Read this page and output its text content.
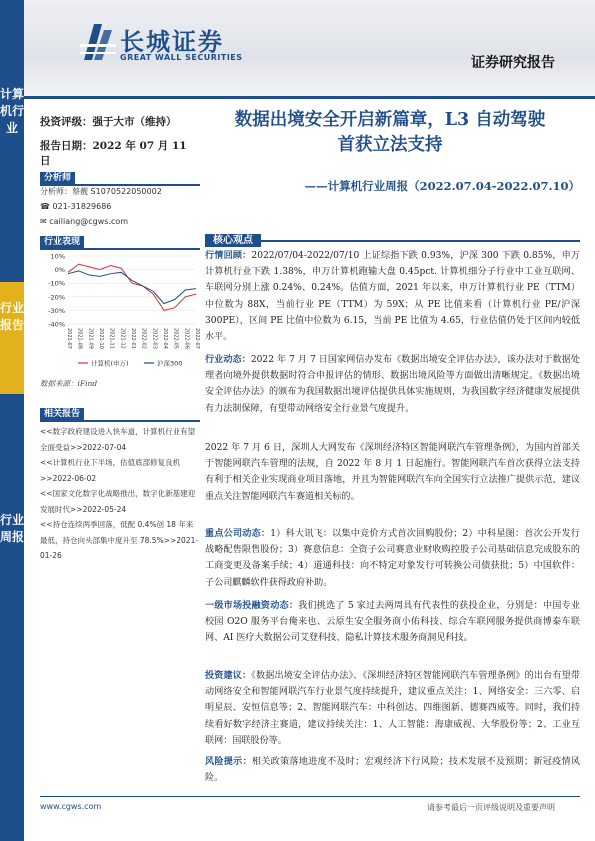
计算机行业
行业报告
行业周报
长城证券
GREAT WALL SECURITIES	证券研究报告
投资评级：强于大市（维持）
报告日期：2022 年 07 月 11 日
分析师
分析师：蔡靓 S1070522050002
☎ 021-31829686
✉ cailiang@cgws.com
行业表现
10%
0%
-10%
-20%
-30%
-40%
2021-07 2021-08 2021-09 2021-10 2021-11 2021-12 2022-01 2022-02 2022-03 2022-04 2022-05 2022-06 2022-07
计算机(申万)	沪深300
数据来源：iFind
相关报告
<<数字政府建设进入快车道，计算机行业有望全面受益>>2022-07-04
<<计算机行业下半场，估值底部修复良机>>2022-06-02
<<国家文化数字化战略推出，数字化新基建迎发展时代>>2022-05-24
<<持仓连续两季回落，低配 0.4%创 18 年来最低，持仓向头部集中度升至 78.5%>>2021-01-26
数据出境安全开启新篇章，L3 自动驾驶
首获立法支持
——计算机行业周报（2022.07.04-2022.07.10）
核心观点
行情回顾：2022/07/04-2022/07/10 上证综指下跌 0.93%，沪深 300 下跌 0.85%，申万计算机行业下跌 1.38%，申万计算机跑输大盘 0.45pct. 计算机细分子行业中工业互联网、车联网分别上涨 0.24%、0.24%。估值方面，2021 年以来，申万计算机行业 PE（TTM）中位数为 88X，当前行业 PE（TTM）为 59X；从 PE 比值来看（计算机行业 PE/沪深 300PE），区间 PE 比值中位数为 6.15，当前 PE 比值为 4.65，行业估值仍处于区间内较低水平。
行业动态：2022 年 7 月 7 日国家网信办发布《数据出境安全评估办法》，该办法对于数据处理者向境外提供数据时符合申报评估的情形、数据出境风险等方面做出清晰规定。《数据出境安全评估办法》的颁布为我国数据出境评估提供具体实施规则，为我国数字经济健康发展提供有力法制保障，有望带动网络安全行业景气度提升。
2022 年 7 月 6 日，深圳人大网发布《深圳经济特区智能网联汽车管理条例》，为国内首部关于智能网联汽车管理的法规，自 2022 年 8 月 1 日起施行。智能网联汽车首次获得立法支持有利于相关企业实现商业项目落地，并且为智能网联汽车向全国实行立法推广提供示范，建议重点关注智能网联汽车赛道相关标的。
重点公司动态：1）科大讯飞：以集中竞价方式首次回购股份；2）中科星图：首次公开发行战略配售限售股份；3）赛意信息：全资子公司赛意业财收购控股子公司基础信息完成股东的工商变更及备案手续；4）道通科技：向不特定对象发行可转换公司债获批；5）中国软件：子公司麒麟软件获得政府补助。
一级市场投融资动态：我们挑选了 5 家过去两周具有代表性的获投企业，分别是：中国专业校园 O2O 服务平台俺来也、云原生安全服务商小佑科技、综合车联网服务提供商博泰车联网、AI 医疗大数据公司艾登科技、隐私计算技术服务商洞见科技。
投资建议：《数据出境安全评估办法》、《深圳经济特区智能网联汽车管理条例》的出台有望带动网络安全和智能网联汽车行业景气度持续提升，建议重点关注：1、网络安全：三六零、启明星辰、安恒信息等；2、智能网联汽车：中科创达、四维图新、德赛西威等。同时，我们持续看好数字经济主赛道，建议持续关注：1、人工智能：海康威视、大华股份等；2、工业互联网：国联股份等。
风险提示：相关政策落地进度不及时；宏观经济下行风险；技术发展不及预期；新冠疫情风险。
www.cgws.com	请参考最后一页评级说明及重要声明
